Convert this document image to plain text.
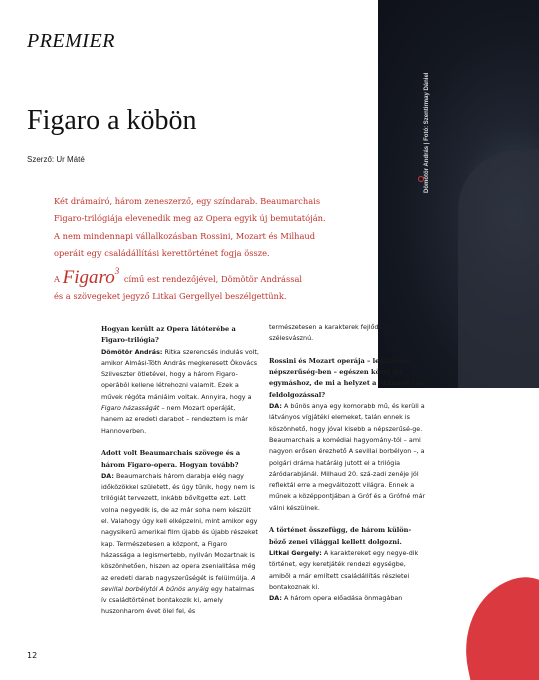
PREMIER
Dömötör András | Fotó: Szentirmay Dániel
Figaro a köbön
Szerző: Ur Máté

Két drámaíró, három zeneszerző, egy színdarab. Beaumarchais

Figaro-trilógiája elevenedik meg az Opera egyik új bemutatóján.

A nem mindennapi vállalkozásban Rossini, Mozart és Milhaud

operáit egy családállítási kerettörténet fogja össze.

A Figaro$^3$ című est rendezőjével, Dömötör Andrással

és a szövegeket jegyző Litkai Gergellyel beszélgettünk.

Hogyan került az Opera látóterébe a Figaro-trilógia?

Dömötör András: Ritka szerencsés indulás volt, amikor Almási-Tóth András megkeresett Ókovács Szilveszter ötletével, hogy a három Figaro-operából kellene létrehozni valamit. Ezek a művek régóta mániáim voltak. Annyira, hogy a Figaro házasságát – nem Mozart operáját, hanem az eredeti darabot – rendeztem is már Hannoverben.

Adott volt Beaumarchais szövege és a három Figaro-opera. Hogyan tovább?

DA: Beaumarchais három darabja elég nagy időközökkel született, és úgy tűnik, hogy nem is trilógiát tervezett, inkább bővítgette ezt. Lett volna negyedik is, de az már soha nem készült el. Valahogy úgy kell elképzelni, mint amikor egy nagysikerű amerikai film újabb és újabb részeket kap. Természetesen a központ, a Figaro házassága a legismertebb, nyilván Mozartnak is köszönhetően, hiszen az opera zsenialitása még az eredeti darab nagyszerűségét is felülmúlja. A sevillai borbélytól A bűnös anyáig egy hatalmas ív családtörténet bontakozik ki, amely huszonharom évet ölel fel, és

természetesen a karakterek fejlődése is szélesvásznú.

Rossini és Mozart operája – legalábbis népszerűség-ben – egészen közel áll egymáshoz, de mi a helyzet a Milhaud-féle feldolgozással?

DA: A bűnös anya egy komorabb mű, és kerüli a látványos vígjátéki elemeket, talán ennek is köszönhető, hogy jóval kisebb a népszerűsé-ge. Beaumarchais a komédiai hagyomány-tól – ami nagyon erősen érezhető A sevillai borbélyon –, a polgári dráma határáig jutott el a trilógia záródarabjánál. Milhaud 20. szá-zadi zenéje jól reflektál erre a megváltozott világra. Ennek a műnek a középpontjában a Gróf és a Grófné már válni készülnek.

A történet összefügg, de három külön-böző zenei világgal kellett dolgozni.

Litkai Gergely: A karaktereket egy negye-dik történet, egy keretjáték rendezi egységbe, amiből a már említett családállítás részletei bontakoznak ki.

DA: A három opera előadása önmagában

12
